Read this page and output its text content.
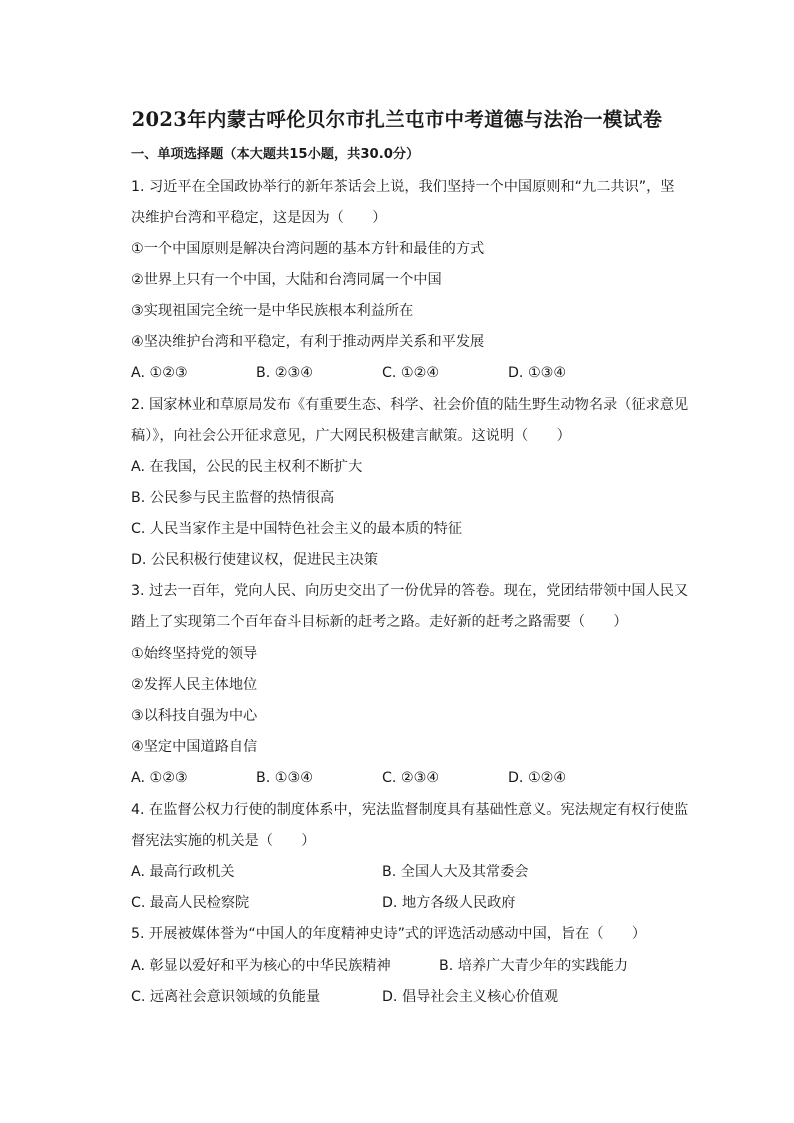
2023年内蒙古呼伦贝尔市扎兰屯市中考道德与法治一模试卷
一、单项选择题（本大题共15小题，共30.0分）
1. 习近平在全国政协举行的新年茶话会上说，我们坚持一个中国原则和“九二共识”，坚
决维护台湾和平稳定，这是因为（　　）
①一个中国原则是解决台湾问题的基本方针和最佳的方式
②世界上只有一个中国，大陆和台湾同属一个中国
③实现祖国完全统一是中华民族根本利益所在
④坚决维护台湾和平稳定，有利于推动两岸关系和平发展
A. ①②③	B. ②③④	C. ①②④	D. ①③④
2. 国家林业和草原局发布《有重要生态、科学、社会价值的陆生野生动物名录（征求意见
稿）》，向社会公开征求意见，广大网民积极建言献策。这说明（　　）
A. 在我国，公民的民主权利不断扩大
B. 公民参与民主监督的热情很高
C. 人民当家作主是中国特色社会主义的最本质的特征
D. 公民积极行使建议权，促进民主决策
3. 过去一百年，党向人民、向历史交出了一份优异的答卷。现在，党团结带领中国人民又
踏上了实现第二个百年奋斗目标新的赶考之路。走好新的赶考之路需要（　　）
①始终坚持党的领导
②发挥人民主体地位
③以科技自强为中心
④坚定中国道路自信
A. ①②③	B. ①③④	C. ②③④	D. ①②④
4. 在监督公权力行使的制度体系中，宪法监督制度具有基础性意义。宪法规定有权行使监
督宪法实施的机关是（　　）
A. 最高行政机关	B. 全国人大及其常委会
C. 最高人民检察院	D. 地方各级人民政府
5. 开展被媒体誉为“中国人的年度精神史诗”式的评选活动感动中国，旨在（　　）
A. 彰显以爱好和平为核心的中华民族精神	B. 培养广大青少年的实践能力
C. 远离社会意识领域的负能量	D. 倡导社会主义核心价值观
